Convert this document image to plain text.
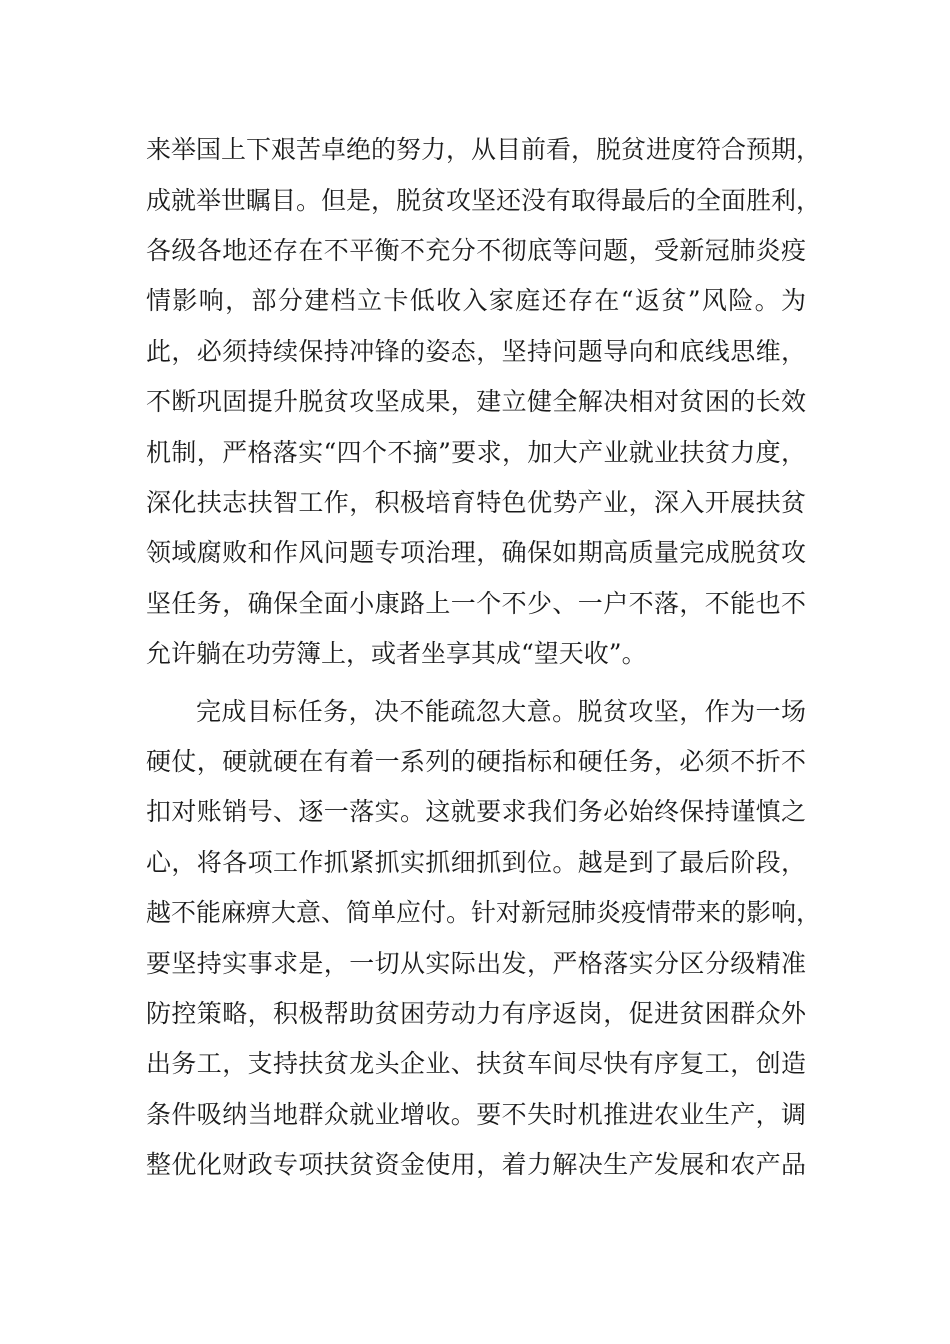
来举国上下艰苦卓绝的努力，从目前看，脱贫进度符合预期，
成就举世瞩目。但是，脱贫攻坚还没有取得最后的全面胜利，
各级各地还存在不平衡不充分不彻底等问题，受新冠肺炎疫
情影响，部分建档立卡低收入家庭还存在“返贫”风险。为
此，必须持续保持冲锋的姿态，坚持问题导向和底线思维，
不断巩固提升脱贫攻坚成果，建立健全解决相对贫困的长效
机制，严格落实“四个不摘”要求，加大产业就业扶贫力度，
深化扶志扶智工作，积极培育特色优势产业，深入开展扶贫
领域腐败和作风问题专项治理，确保如期高质量完成脱贫攻
坚任务，确保全面小康路上一个不少、一户不落，不能也不
允许躺在功劳簿上，或者坐享其成“望天收”。
完成目标任务，决不能疏忽大意。脱贫攻坚，作为一场
硬仗，硬就硬在有着一系列的硬指标和硬任务，必须不折不
扣对账销号、逐一落实。这就要求我们务必始终保持谨慎之
心，将各项工作抓紧抓实抓细抓到位。越是到了最后阶段，
越不能麻痹大意、简单应付。针对新冠肺炎疫情带来的影响，
要坚持实事求是，一切从实际出发，严格落实分区分级精准
防控策略，积极帮助贫困劳动力有序返岗，促进贫困群众外
出务工，支持扶贫龙头企业、扶贫车间尽快有序复工，创造
条件吸纳当地群众就业增收。要不失时机推进农业生产，调
整优化财政专项扶贫资金使用，着力解决生产发展和农产品
